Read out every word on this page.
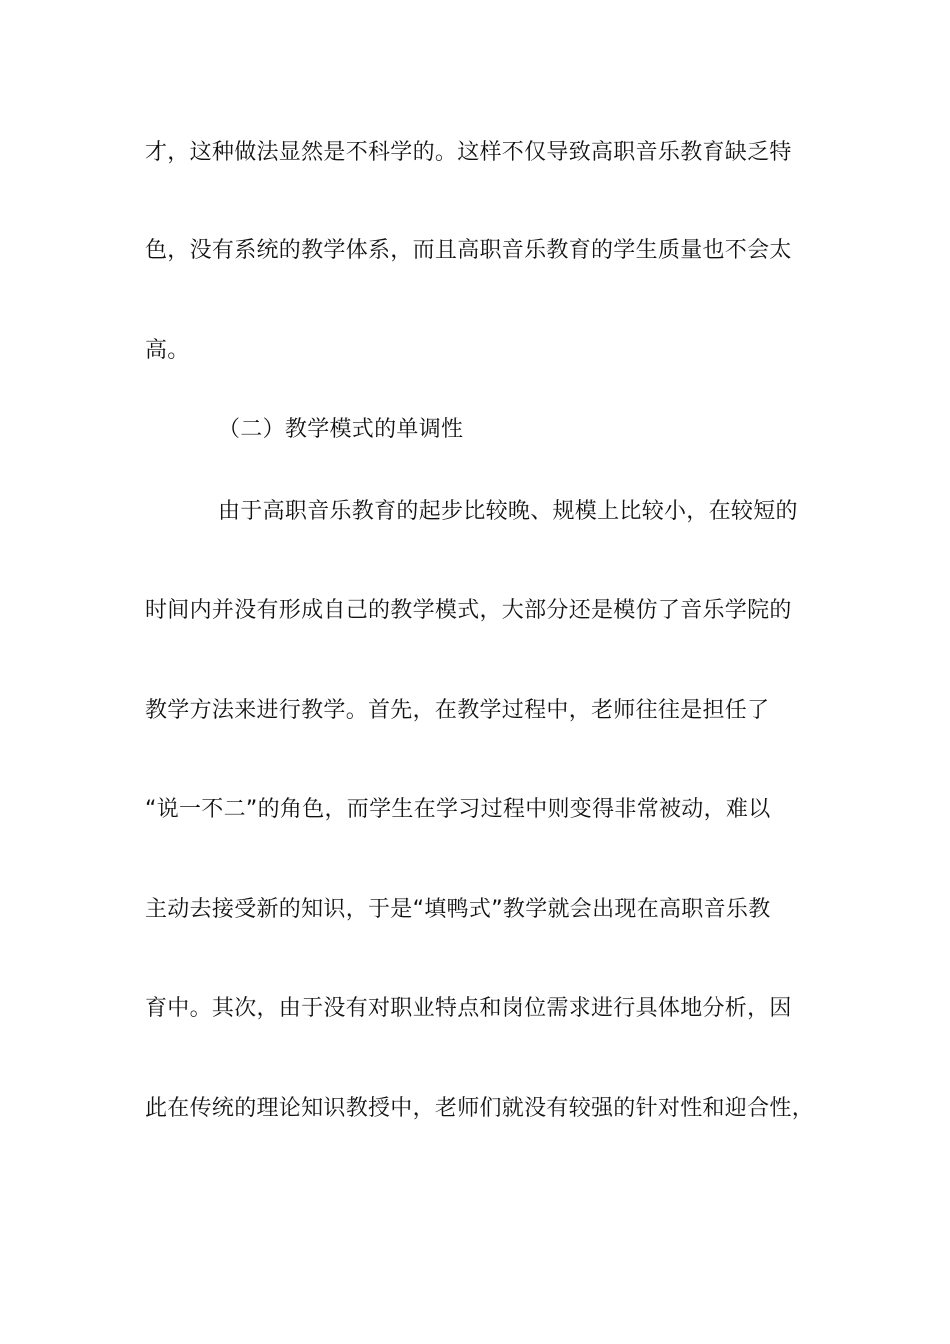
才，这种做法显然是不科学的。这样不仅导致高职音乐教育缺乏特
色，没有系统的教学体系，而且高职音乐教育的学生质量也不会太
高。
（二）教学模式的单调性
由于高职音乐教育的起步比较晚、规模上比较小，在较短的
时间内并没有形成自己的教学模式，大部分还是模仿了音乐学院的
教学方法来进行教学。首先，在教学过程中，老师往往是担任了
“说一不二”的角色，而学生在学习过程中则变得非常被动，难以
主动去接受新的知识，于是“填鸭式”教学就会出现在高职音乐教
育中。其次，由于没有对职业特点和岗位需求进行具体地分析，因
此在传统的理论知识教授中，老师们就没有较强的针对性和迎合性，
